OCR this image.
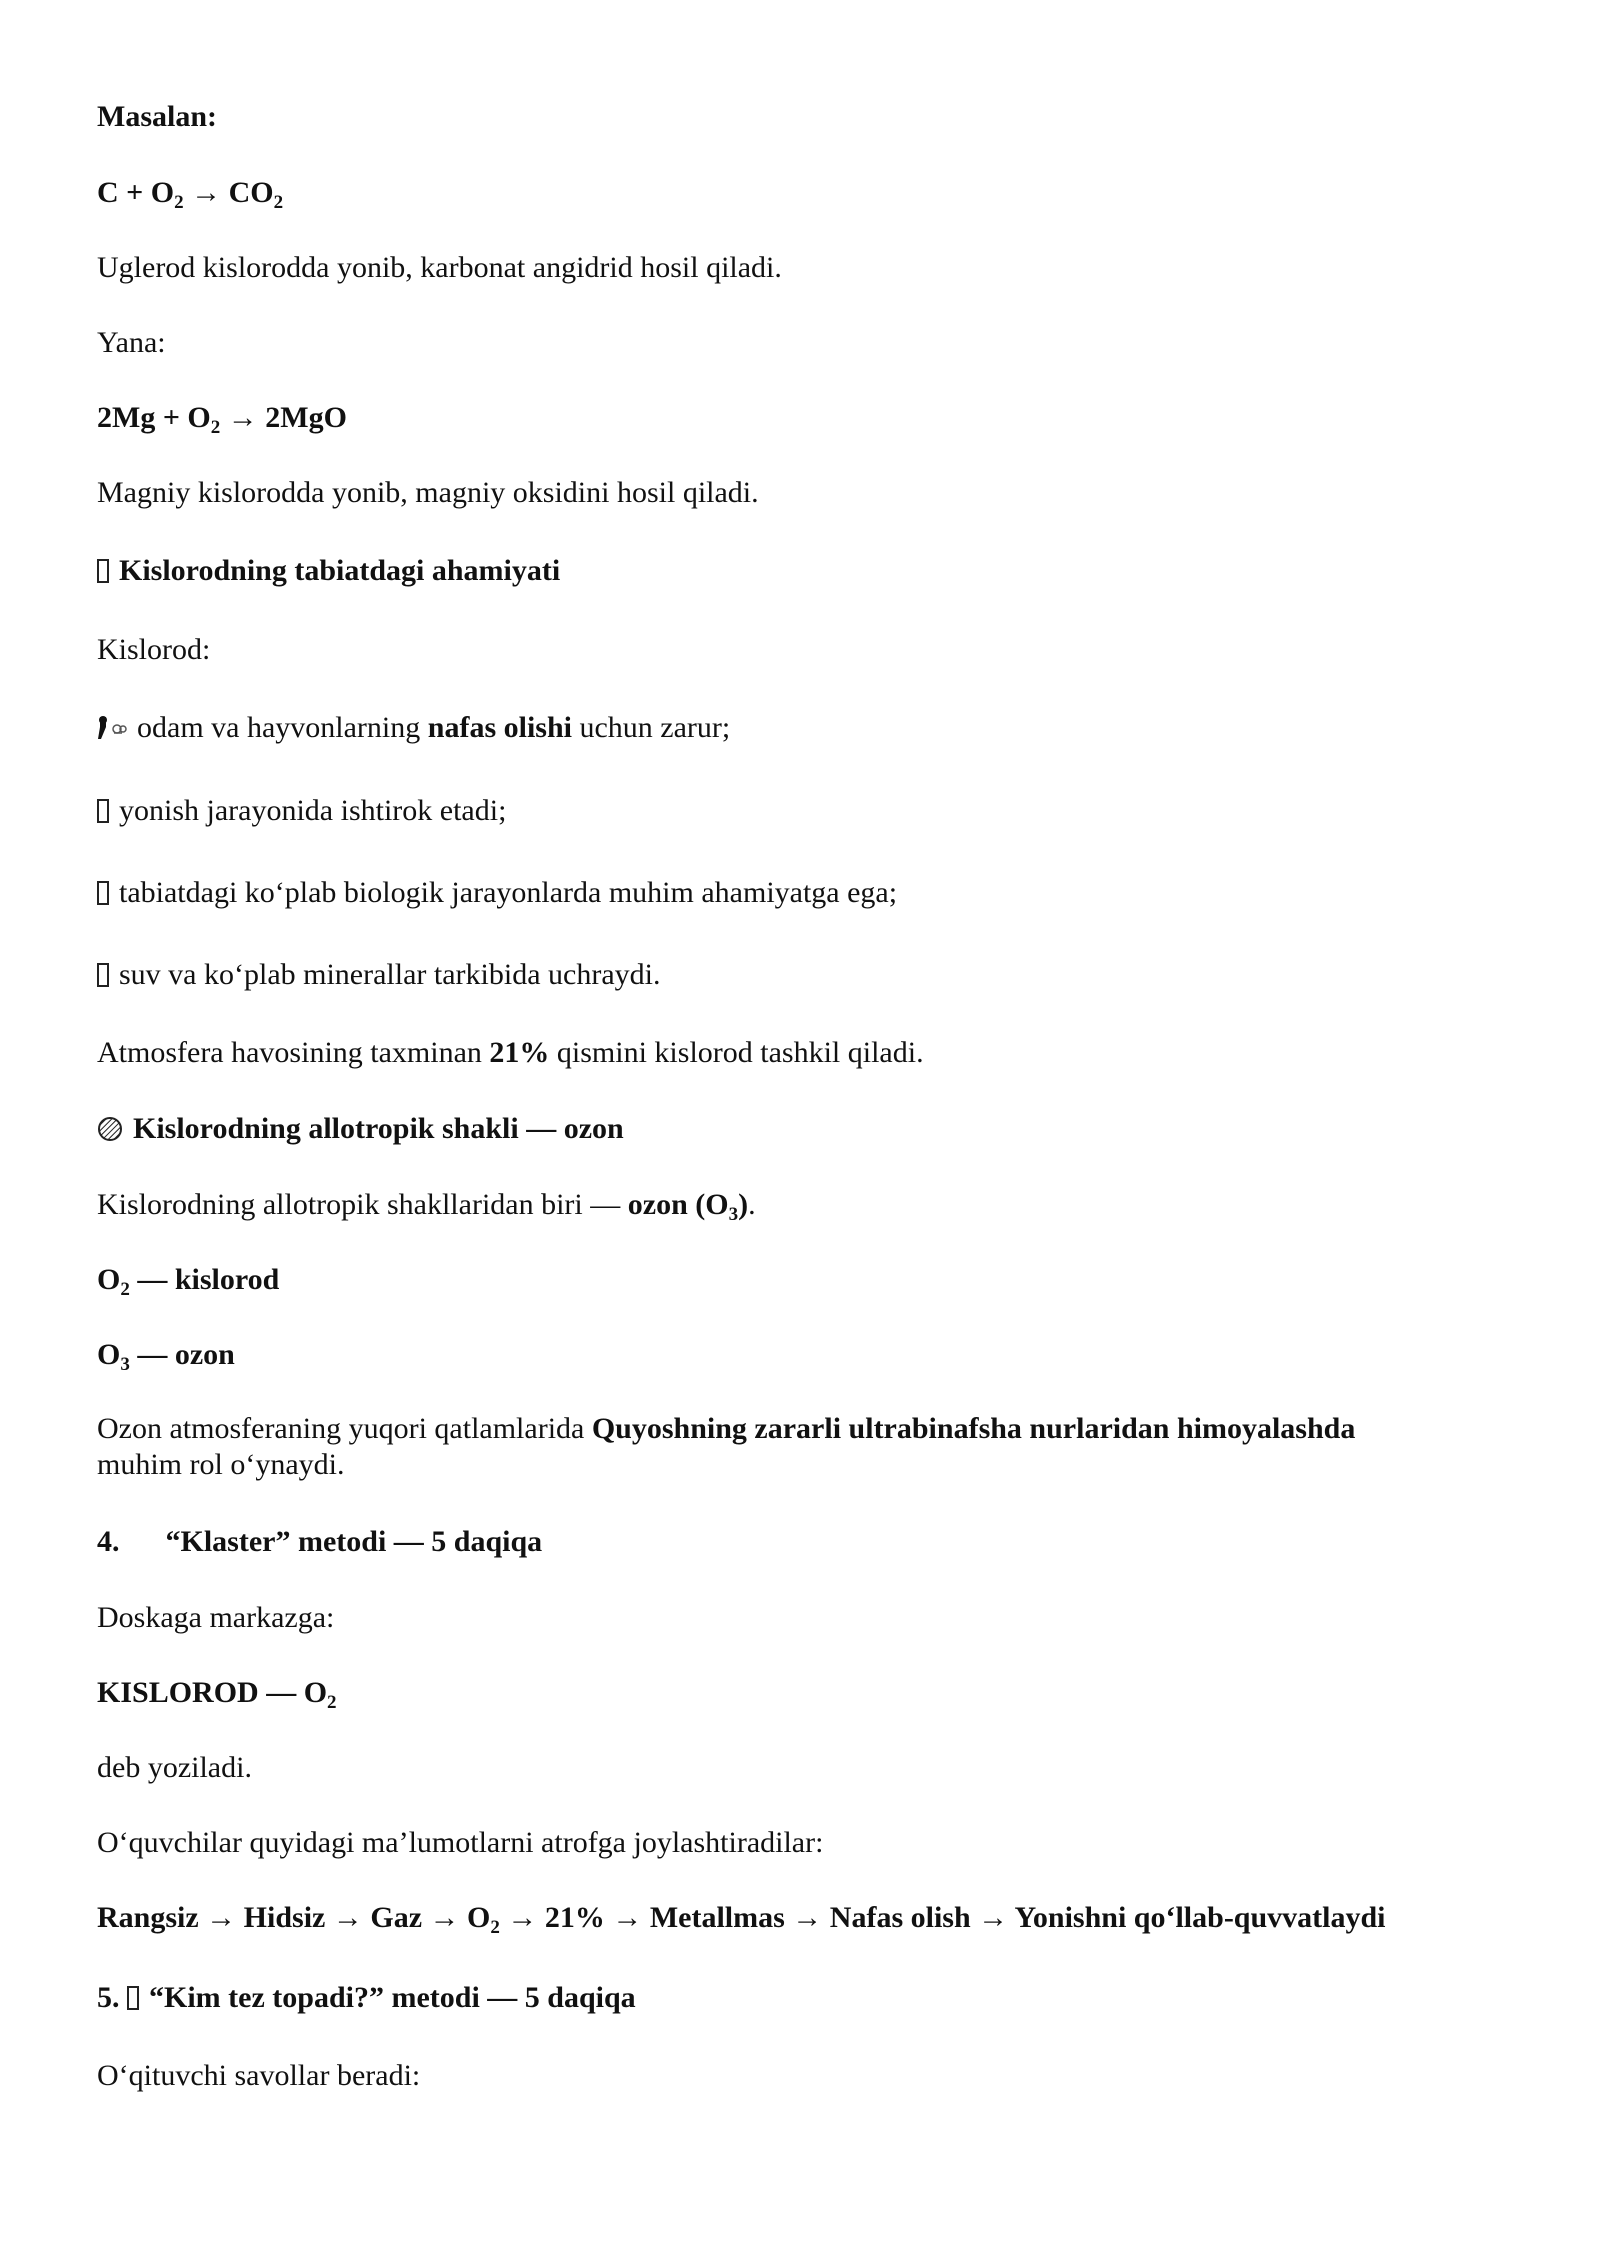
Masalan:

$C + O_2 \to CO_2$

Uglerod kislorodda yonib, karbonat angidrid hosil qiladi.

Yana:

$2Mg + O_2 \to 2MgO$

Magniy kislorodda yonib, magniy oksidini hosil qiladi.

Kislorodning tabiatdagi ahamiyati

Kislorod:

odam va hayvonlarning nafas olishi uchun zarur;

yonish jarayonida ishtirok etadi;

tabiatdagi ko‘plab biologik jarayonlarda muhim ahamiyatga ega;

suv va ko‘plab minerallar tarkibida uchraydi.

Atmosfera havosining taxminan 21% qismini kislorod tashkil qiladi.

Kislorodning allotropik shakli — ozon

Kislorodning allotropik shakllaridan biri — ozon $(O_3)$.

$O_2$ — kislorod

$O_3$ — ozon

Ozon atmosferaning yuqori qatlamlarida Quyoshning zararli ultrabinafsha nurlaridan himoyalashda

muhim rol o‘ynaydi.

4. “Klaster” metodi — 5 daqiqa

Doskaga markazga:

KISLOROD — $O_2$

deb yoziladi.

O‘quvchilar quyidagi ma’lumotlarni atrofga joylashtiradilar:

Rangsiz → Hidsiz → Gaz → $O_2 \to 21\%$ → Metallmas → Nafas olish → Yonishni qo‘llab-quvvatlaydi

5. “Kim tez topadi?” metodi — 5 daqiqa

O‘qituvchi savollar beradi:
